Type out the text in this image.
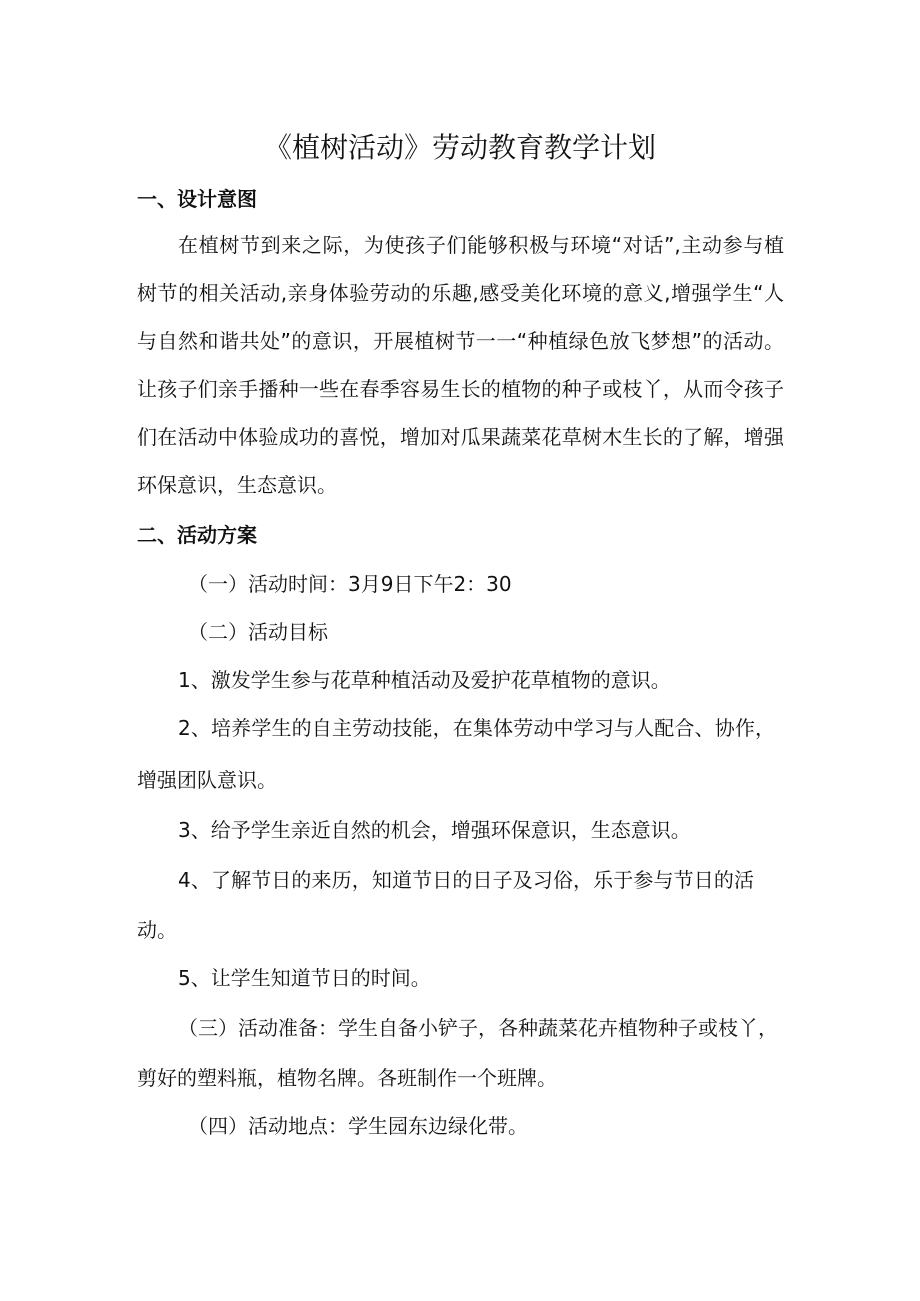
《植树活动》劳动教育教学计划
一、设计意图
在植树节到来之际，为使孩子们能够积极与环境“对话”,主动参与植
树节的相关活动,亲身体验劳动的乐趣,感受美化环境的意义,增强学生“人
与自然和谐共处”的意识，开展植树节一一“种植绿色放飞梦想”的活动。
让孩子们亲手播种一些在春季容易生长的植物的种子或枝丫，从而令孩子
们在活动中体验成功的喜悦，增加对瓜果蔬菜花草树木生长的了解，增强
环保意识，生态意识。
二、活动方案
（一）活动时间：3月9日下午2：30
（二）活动目标
1、激发学生参与花草种植活动及爱护花草植物的意识。
2、培养学生的自主劳动技能，在集体劳动中学习与人配合、协作，
增强团队意识。
3、给予学生亲近自然的机会，增强环保意识，生态意识。
4、了解节日的来历，知道节日的日子及习俗，乐于参与节日的活
动。
5、让学生知道节日的时间。
（三）活动准备：学生自备小铲子，各种蔬菜花卉植物种子或枝丫，
剪好的塑料瓶，植物名牌。各班制作一个班牌。
（四）活动地点：学生园东边绿化带。
